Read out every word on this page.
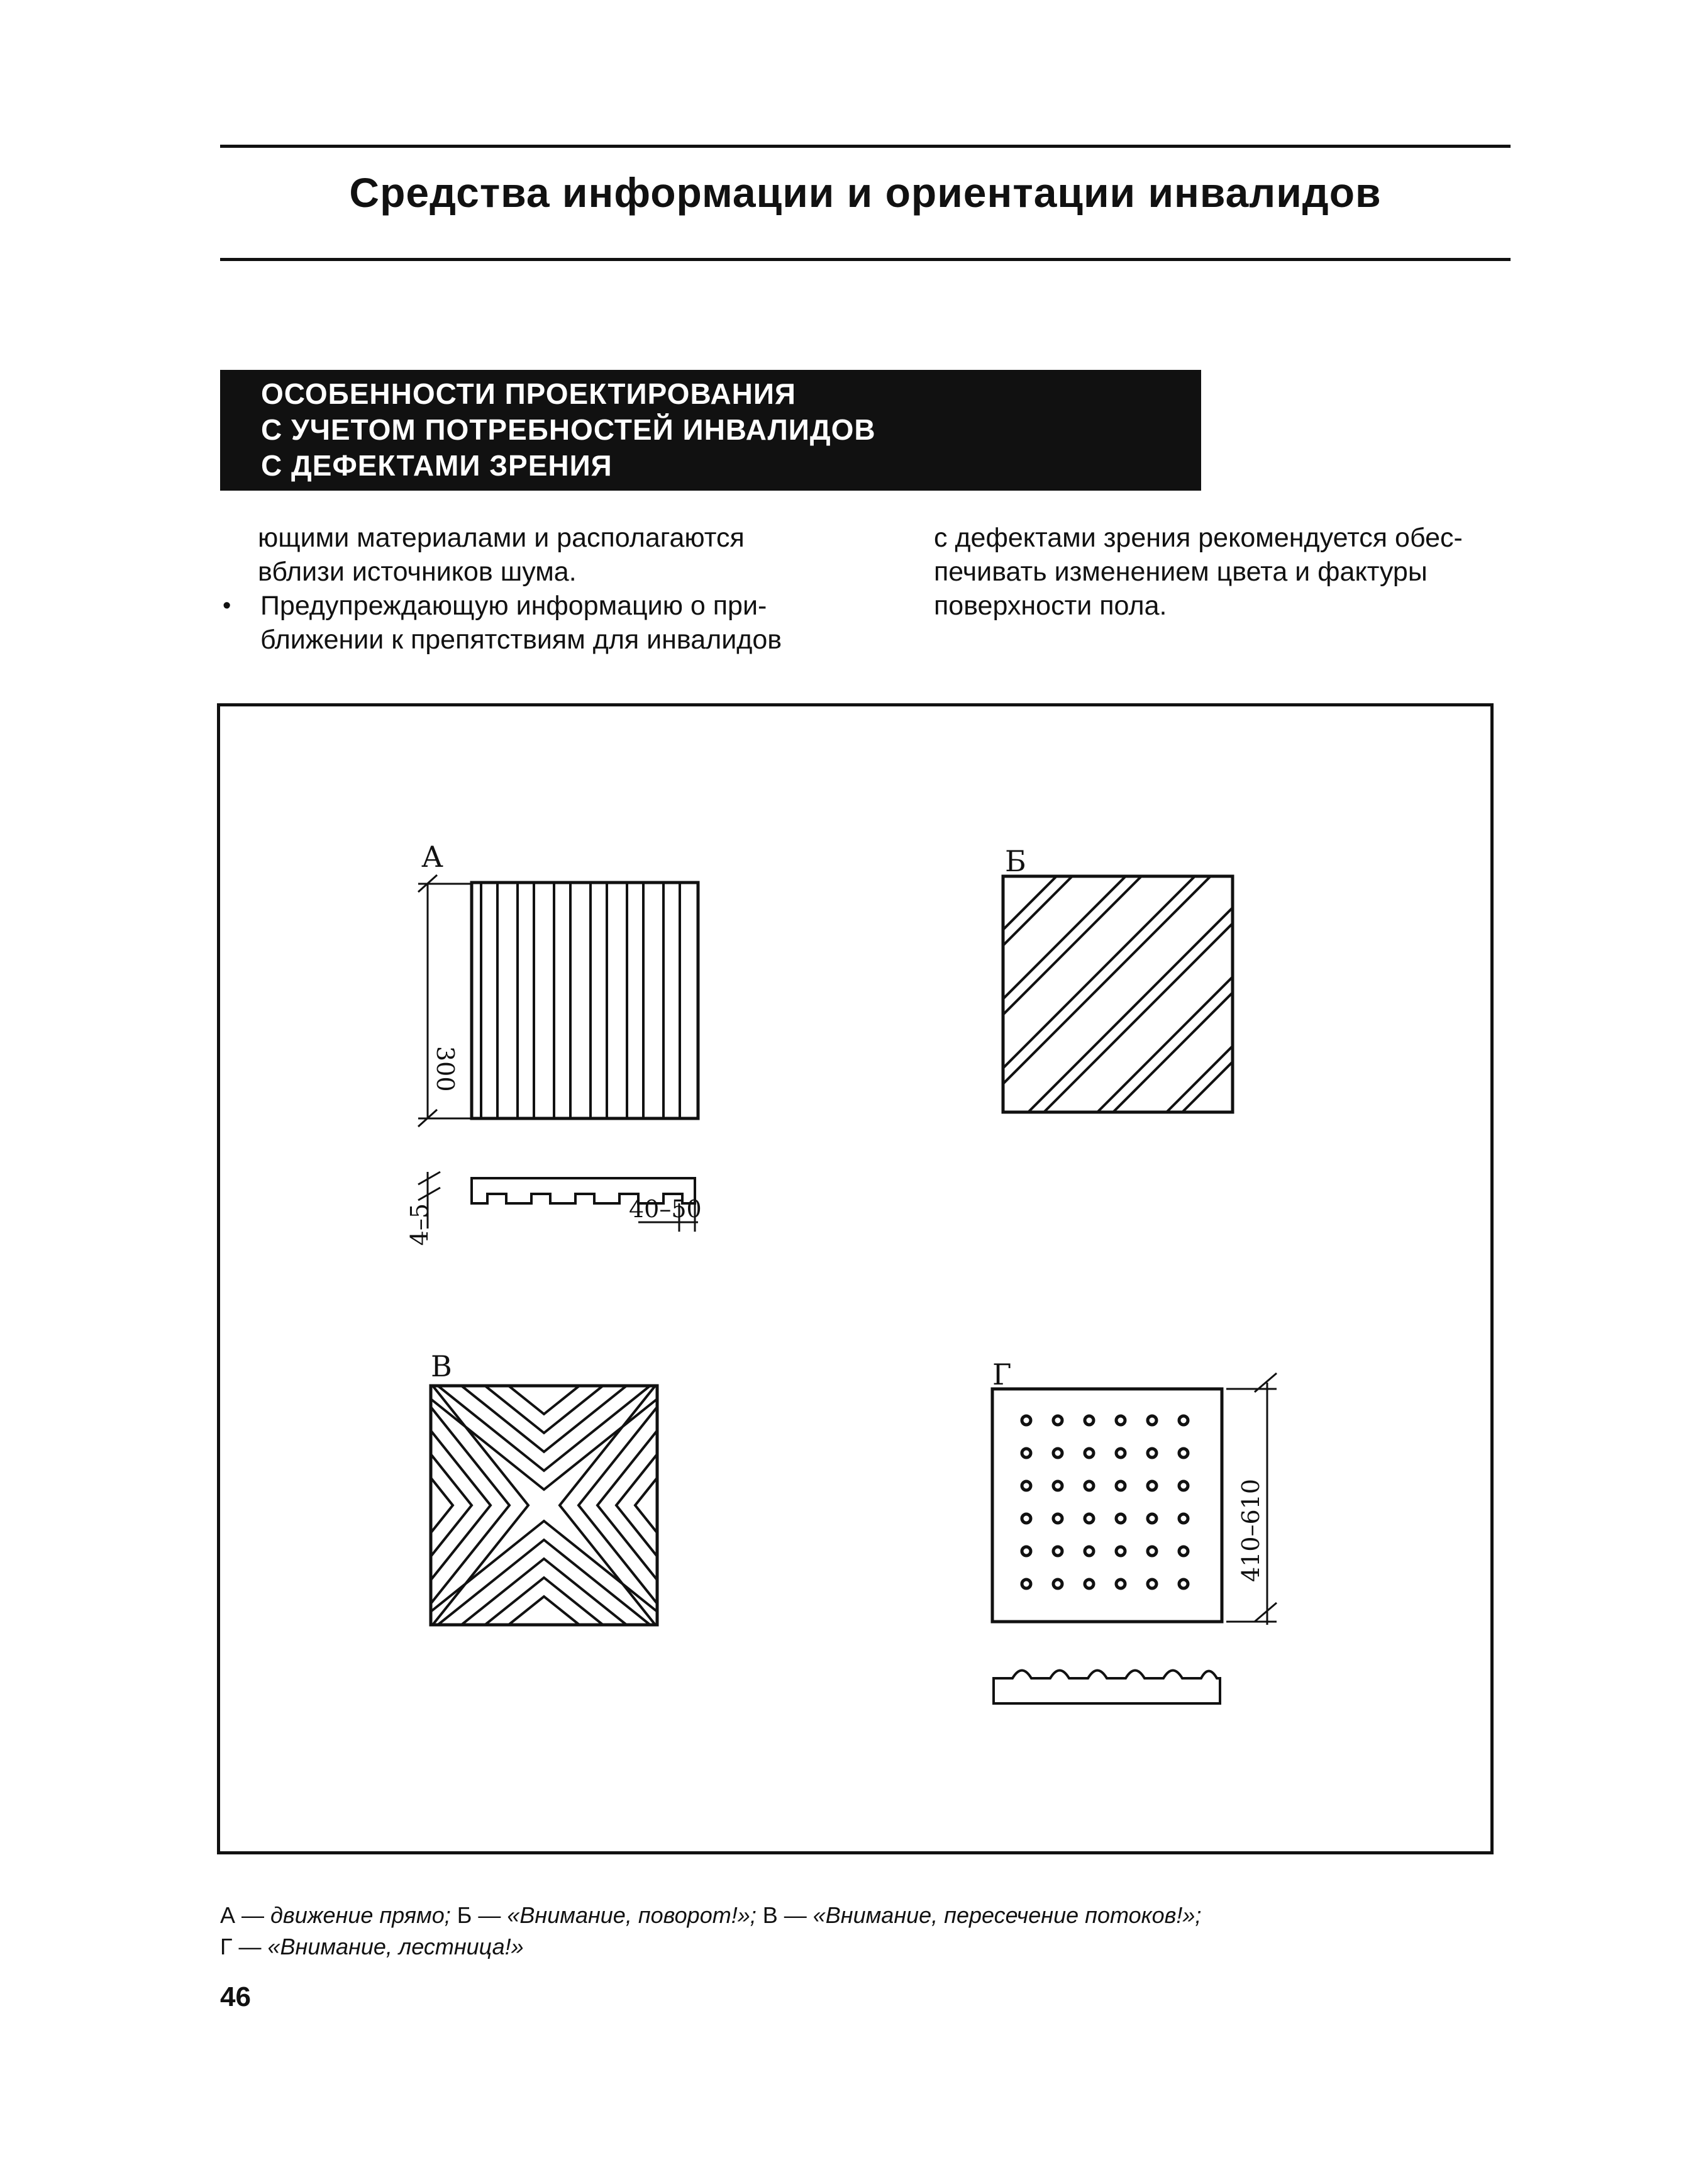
Средства информации и ориентации инвалидов
ОСОБЕННОСТИ ПРОЕКТИРОВАНИЯ
С УЧЕТОМ ПОТРЕБНОСТЕЙ ИНВАЛИДОВ
С ДЕФЕКТАМИ ЗРЕНИЯ

ющими материалами и располагаются

вблизи источников шума.

•	Предупреждающую информацию о при-

ближении к препятствиям для инвалидов

с дефектами зрения рекомендуется обес-

печивать изменением цвета и фактуры

поверхности пола.

А
300
4–5	40–50
Б
В	Г
410–610
А — движение прямо; Б — «Внимание, поворот!»; В — «Внимание, пересечение потоков!»;
Г — «Внимание, лестница!»
46
